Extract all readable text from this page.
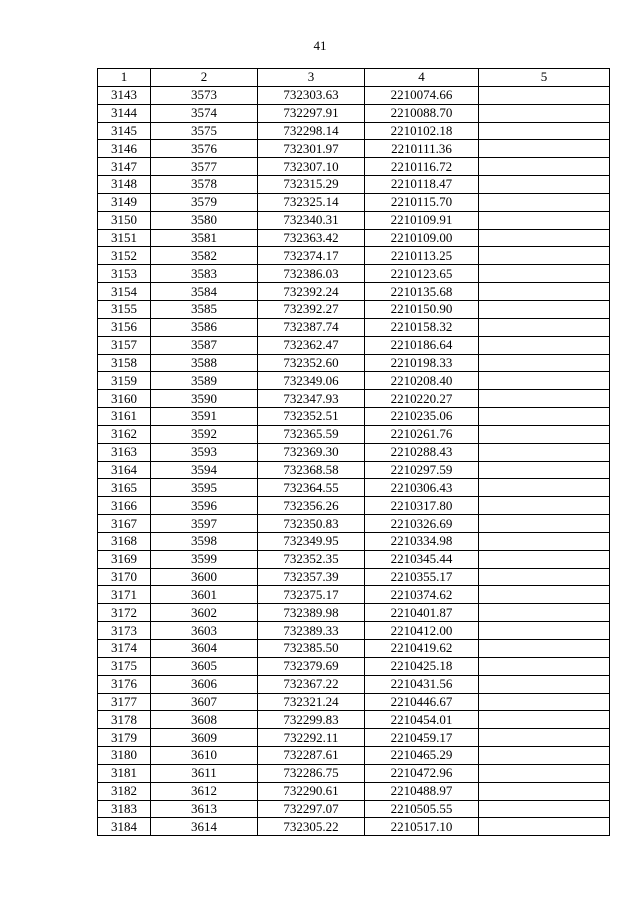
41
1	2	3	4	5
3143	3573	732303.63	2210074.66	
3144	3574	732297.91	2210088.70	
3145	3575	732298.14	2210102.18	
3146	3576	732301.97	2210111.36	
3147	3577	732307.10	2210116.72	
3148	3578	732315.29	2210118.47	
3149	3579	732325.14	2210115.70	
3150	3580	732340.31	2210109.91	
3151	3581	732363.42	2210109.00	
3152	3582	732374.17	2210113.25	
3153	3583	732386.03	2210123.65	
3154	3584	732392.24	2210135.68	
3155	3585	732392.27	2210150.90	
3156	3586	732387.74	2210158.32	
3157	3587	732362.47	2210186.64	
3158	3588	732352.60	2210198.33	
3159	3589	732349.06	2210208.40	
3160	3590	732347.93	2210220.27	
3161	3591	732352.51	2210235.06	
3162	3592	732365.59	2210261.76	
3163	3593	732369.30	2210288.43	
3164	3594	732368.58	2210297.59	
3165	3595	732364.55	2210306.43	
3166	3596	732356.26	2210317.80	
3167	3597	732350.83	2210326.69	
3168	3598	732349.95	2210334.98	
3169	3599	732352.35	2210345.44	
3170	3600	732357.39	2210355.17	
3171	3601	732375.17	2210374.62	
3172	3602	732389.98	2210401.87	
3173	3603	732389.33	2210412.00	
3174	3604	732385.50	2210419.62	
3175	3605	732379.69	2210425.18	
3176	3606	732367.22	2210431.56	
3177	3607	732321.24	2210446.67	
3178	3608	732299.83	2210454.01	
3179	3609	732292.11	2210459.17	
3180	3610	732287.61	2210465.29	
3181	3611	732286.75	2210472.96	
3182	3612	732290.61	2210488.97	
3183	3613	732297.07	2210505.55	
3184	3614	732305.22	2210517.10	
